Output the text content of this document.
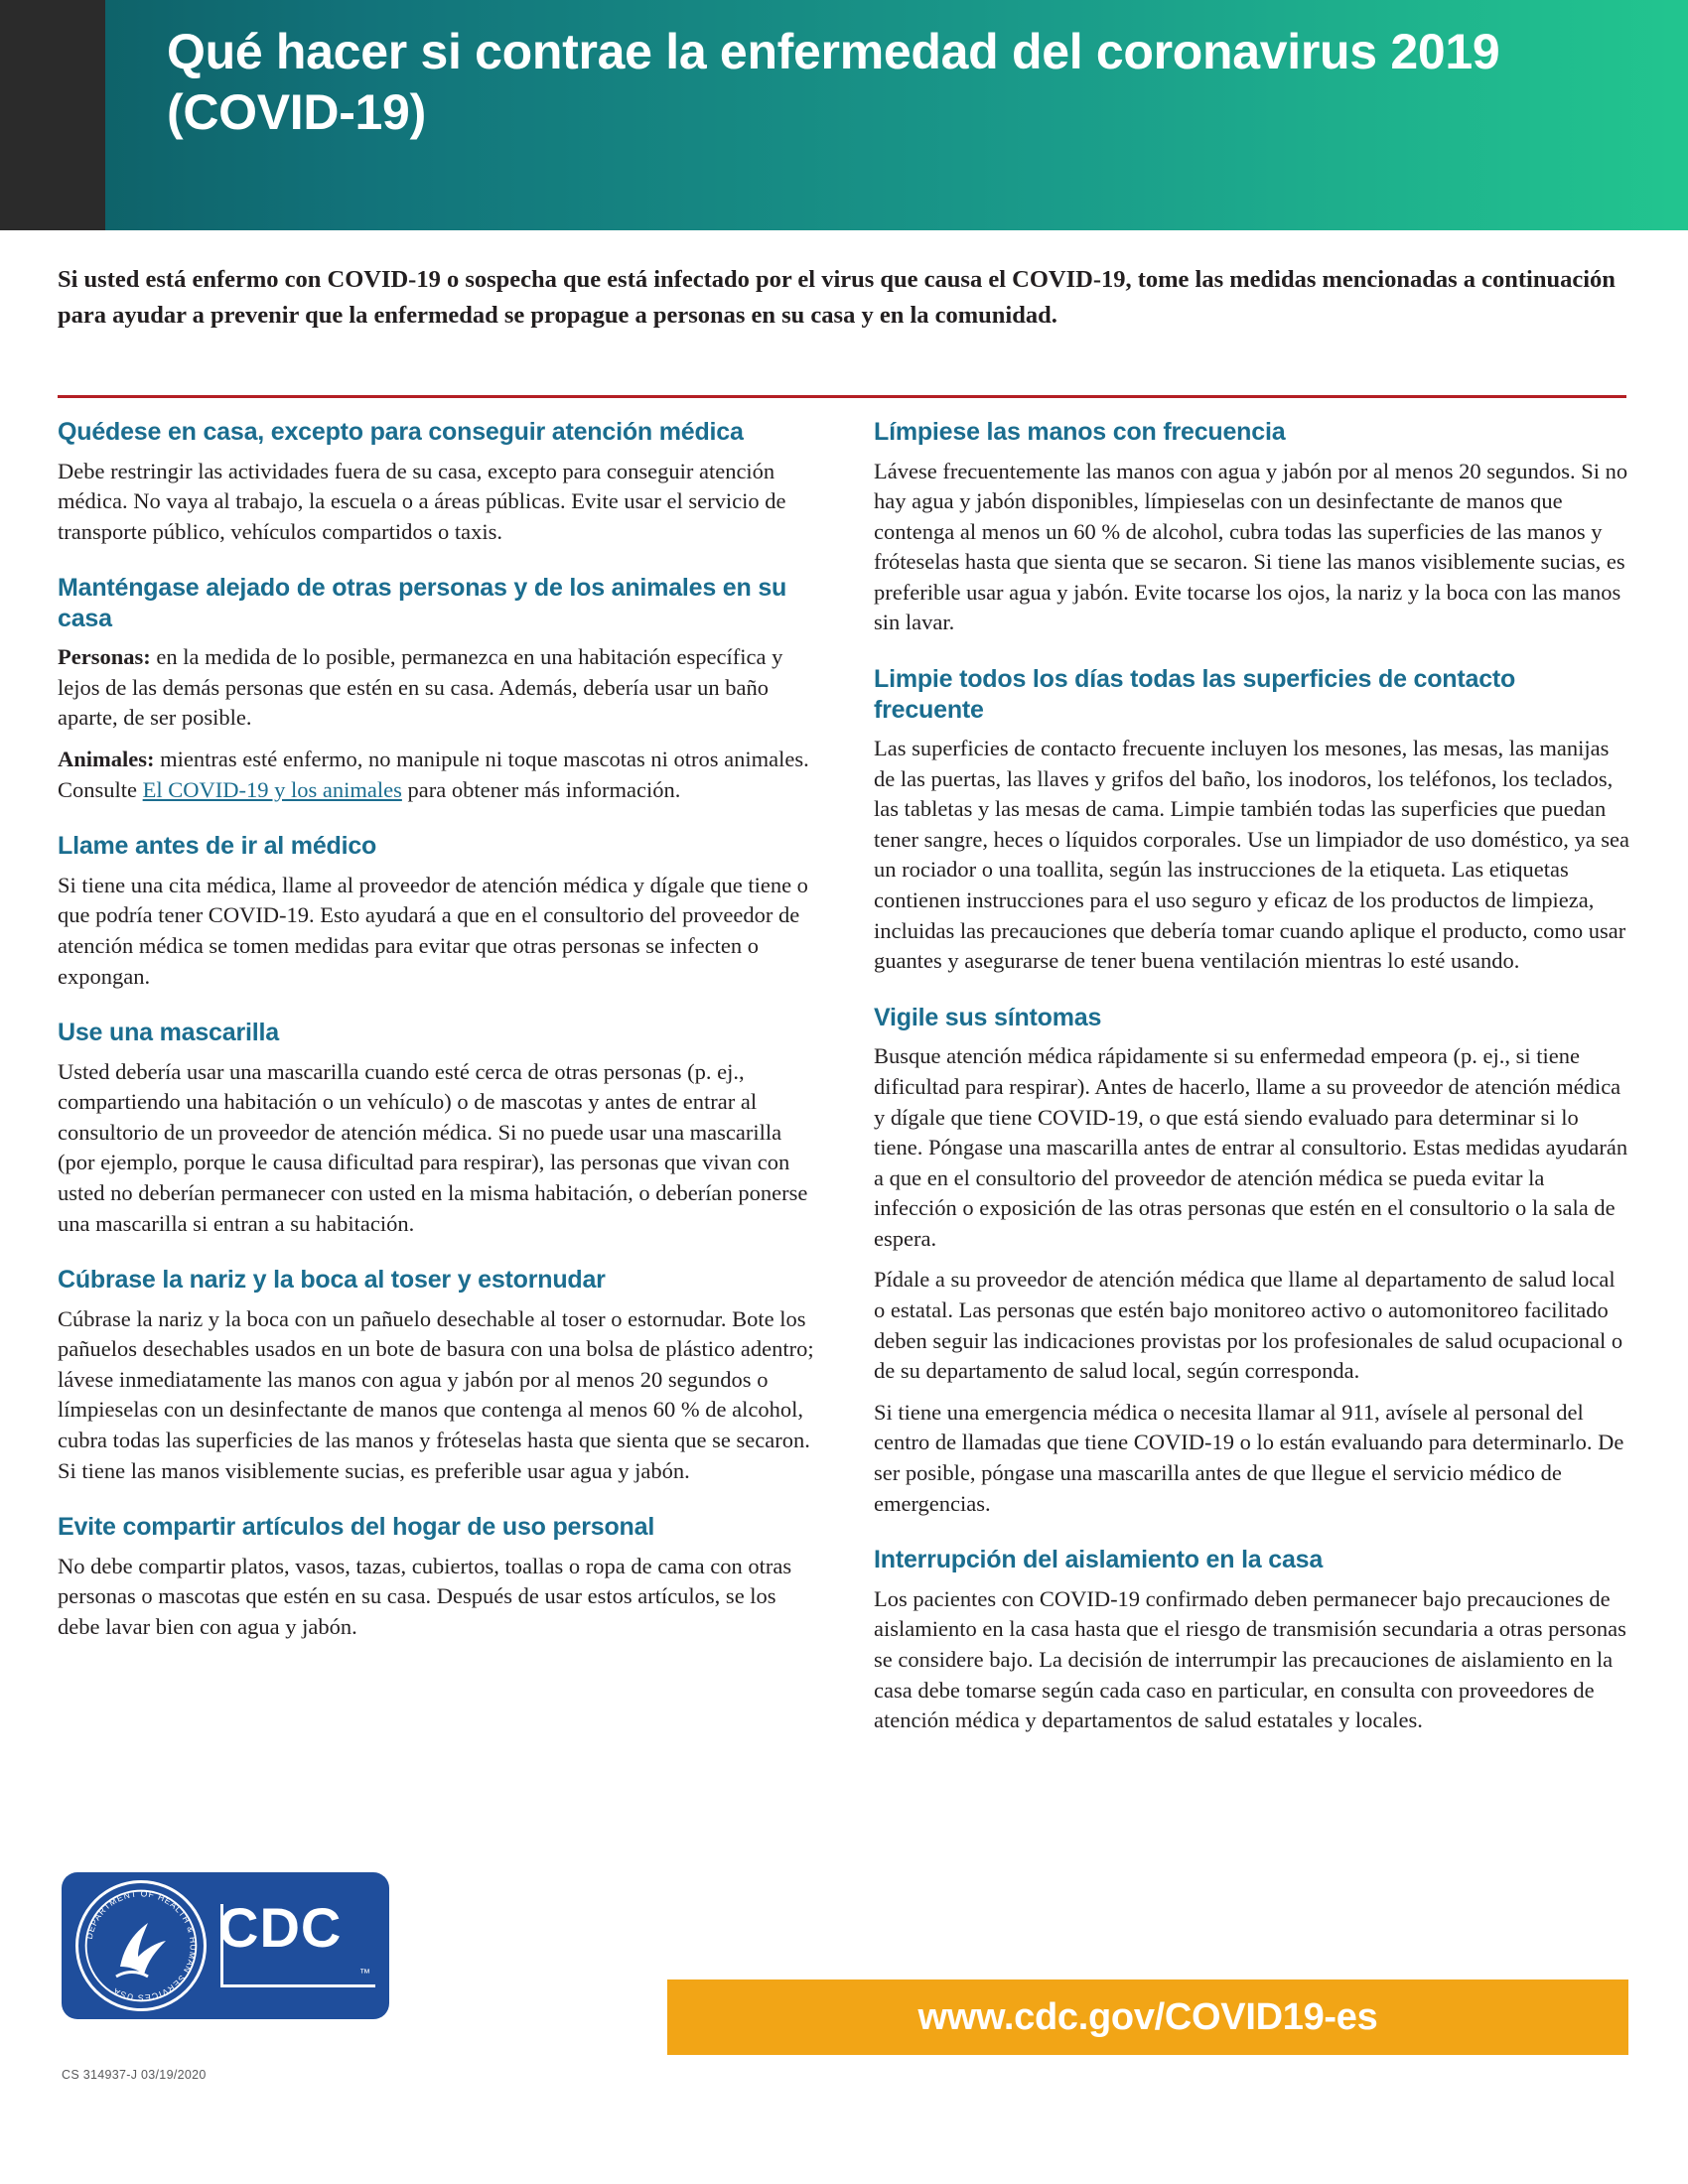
Qué hacer si contrae la enfermedad del coronavirus 2019 (COVID-19)
Si usted está enfermo con COVID-19 o sospecha que está infectado por el virus que causa el COVID-19, tome las medidas mencionadas a continuación para ayudar a prevenir que la enfermedad se propague a personas en su casa y en la comunidad.
Quédese en casa, excepto para conseguir atención médica

Debe restringir las actividades fuera de su casa, excepto para conseguir atención médica. No vaya al trabajo, la escuela o a áreas públicas. Evite usar el servicio de transporte público, vehículos compartidos o taxis.

Manténgase alejado de otras personas y de los animales en su casa

Personas: en la medida de lo posible, permanezca en una habitación específica y lejos de las demás personas que estén en su casa. Además, debería usar un baño aparte, de ser posible.

Animales: mientras esté enfermo, no manipule ni toque mascotas ni otros animales. Consulte El COVID-19 y los animales para obtener más información.

Llame antes de ir al médico

Si tiene una cita médica, llame al proveedor de atención médica y dígale que tiene o que podría tener COVID-19. Esto ayudará a que en el consultorio del proveedor de atención médica se tomen medidas para evitar que otras personas se infecten o expongan.

Use una mascarilla

Usted debería usar una mascarilla cuando esté cerca de otras personas (p. ej., compartiendo una habitación o un vehículo) o de mascotas y antes de entrar al consultorio de un proveedor de atención médica. Si no puede usar una mascarilla (por ejemplo, porque le causa dificultad para respirar), las personas que vivan con usted no deberían permanecer con usted en la misma habitación, o deberían ponerse una mascarilla si entran a su habitación.

Cúbrase la nariz y la boca al toser y estornudar

Cúbrase la nariz y la boca con un pañuelo desechable al toser o estornudar. Bote los pañuelos desechables usados en un bote de basura con una bolsa de plástico adentro; lávese inmediatamente las manos con agua y jabón por al menos 20 segundos o límpieselas con un desinfectante de manos que contenga al menos 60 % de alcohol, cubra todas las superficies de las manos y fróteselas hasta que sienta que se secaron. Si tiene las manos visiblemente sucias, es preferible usar agua y jabón.

Evite compartir artículos del hogar de uso personal

No debe compartir platos, vasos, tazas, cubiertos, toallas o ropa de cama con otras personas o mascotas que estén en su casa. Después de usar estos artículos, se los debe lavar bien con agua y jabón.

Límpiese las manos con frecuencia

Lávese frecuentemente las manos con agua y jabón por al menos 20 segundos. Si no hay agua y jabón disponibles, límpieselas con un desinfectante de manos que contenga al menos un 60 % de alcohol, cubra todas las superficies de las manos y fróteselas hasta que sienta que se secaron. Si tiene las manos visiblemente sucias, es preferible usar agua y jabón. Evite tocarse los ojos, la nariz y la boca con las manos sin lavar.

Limpie todos los días todas las superficies de contacto frecuente

Las superficies de contacto frecuente incluyen los mesones, las mesas, las manijas de las puertas, las llaves y grifos del baño, los inodoros, los teléfonos, los teclados, las tabletas y las mesas de cama. Limpie también todas las superficies que puedan tener sangre, heces o líquidos corporales. Use un limpiador de uso doméstico, ya sea un rociador o una toallita, según las instrucciones de la etiqueta. Las etiquetas contienen instrucciones para el uso seguro y eficaz de los productos de limpieza, incluidas las precauciones que debería tomar cuando aplique el producto, como usar guantes y asegurarse de tener buena ventilación mientras lo esté usando.

Vigile sus síntomas

Busque atención médica rápidamente si su enfermedad empeora (p. ej., si tiene dificultad para respirar). Antes de hacerlo, llame a su proveedor de atención médica y dígale que tiene COVID-19, o que está siendo evaluado para determinar si lo tiene. Póngase una mascarilla antes de entrar al consultorio. Estas medidas ayudarán a que en el consultorio del proveedor de atención médica se pueda evitar la infección o exposición de las otras personas que estén en el consultorio o la sala de espera.

Pídale a su proveedor de atención médica que llame al departamento de salud local o estatal. Las personas que estén bajo monitoreo activo o automonitoreo facilitado deben seguir las indicaciones provistas por los profesionales de salud ocupacional o de su departamento de salud local, según corresponda.

Si tiene una emergencia médica o necesita llamar al 911, avísele al personal del centro de llamadas que tiene COVID-19 o lo están evaluando para determinarlo. De ser posible, póngase una mascarilla antes de que llegue el servicio médico de emergencias.

Interrupción del aislamiento en la casa

Los pacientes con COVID-19 confirmado deben permanecer bajo precauciones de aislamiento en la casa hasta que el riesgo de transmisión secundaria a otras personas se considere bajo. La decisión de interrumpir las precauciones de aislamiento en la casa debe tomarse según cada caso en particular, en consulta con proveedores de atención médica y departamentos de salud estatales y locales.

DEPARTMENT OF HEALTH & HUMAN SERVICES USA
CDC
™
www.cdc.gov/COVID19-es
CS 314937-J 03/19/2020
